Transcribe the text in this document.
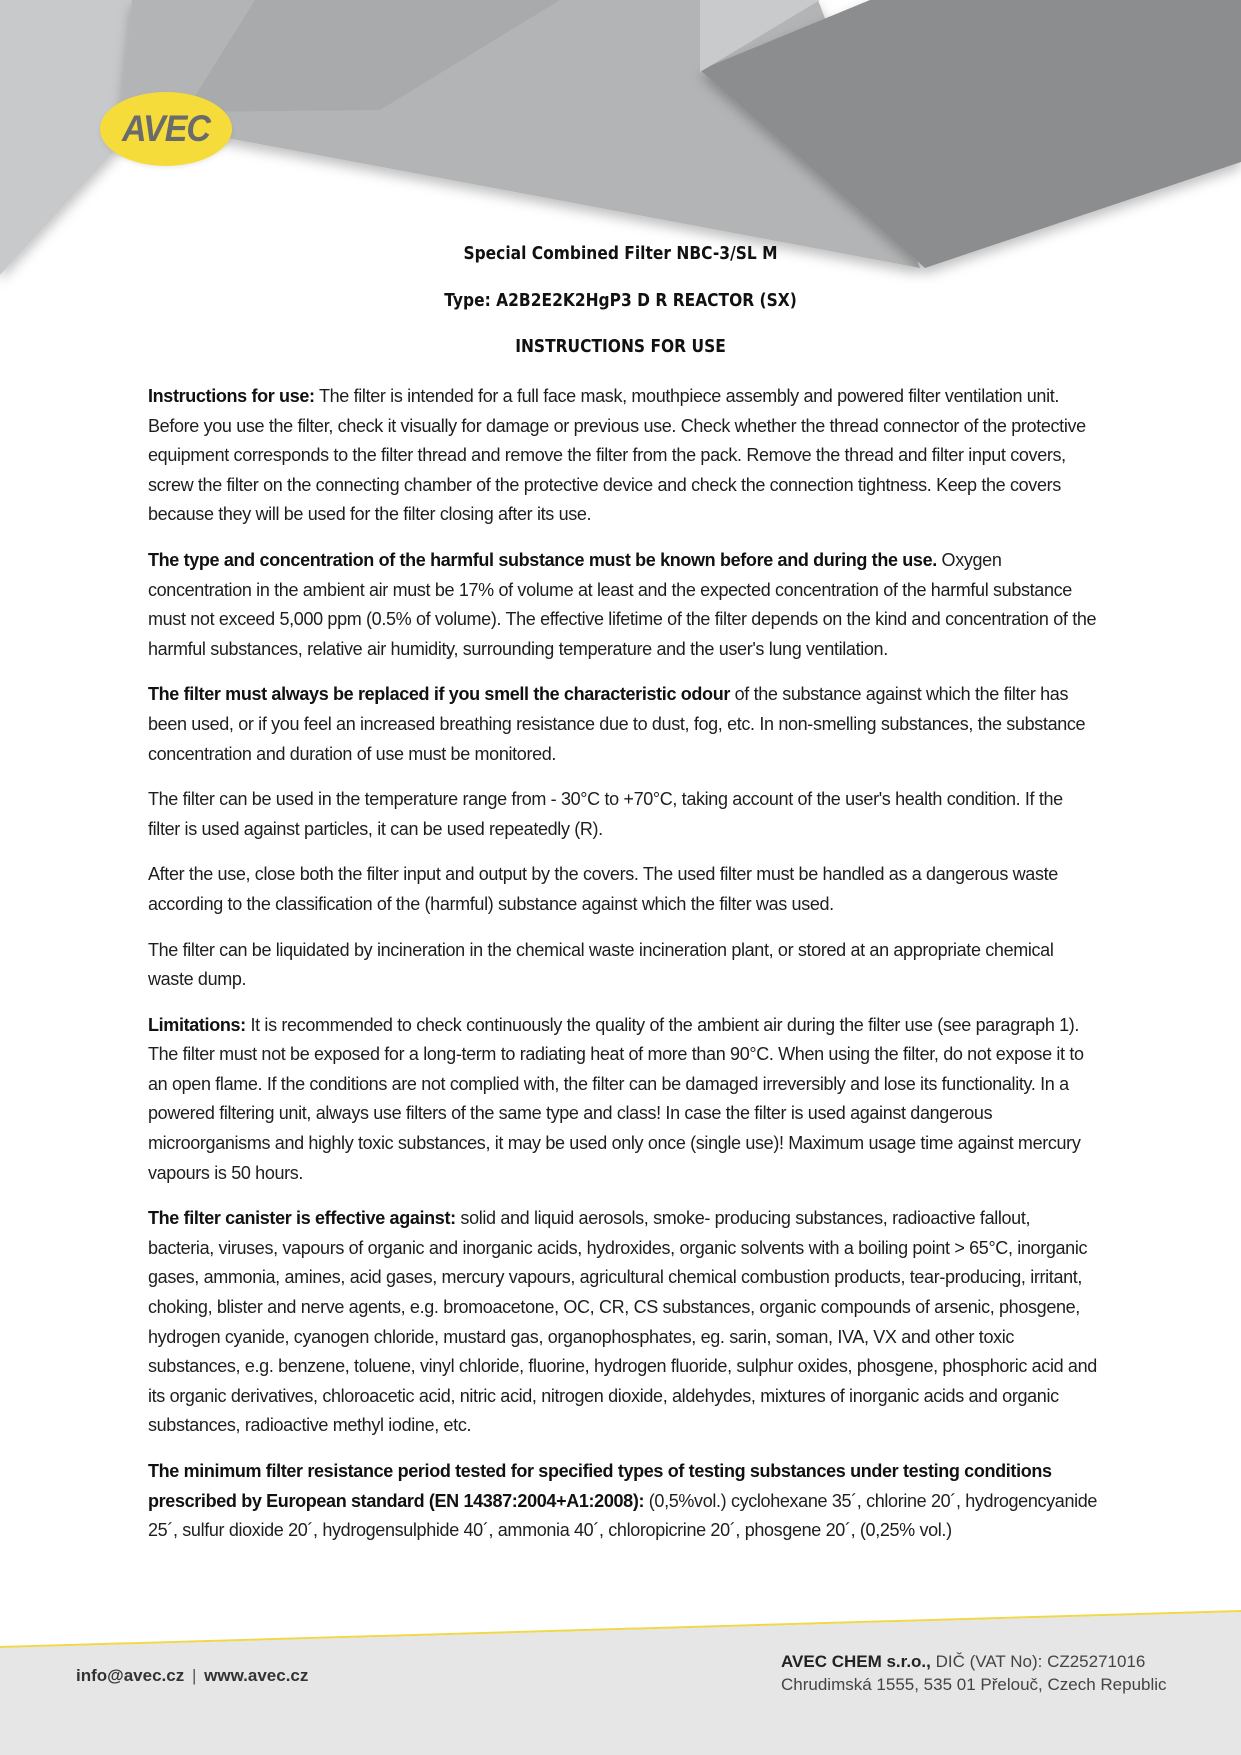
AVEC

Special Combined Filter NBC-3/SL M

Type: A2B2E2K2HgP3 D R REACTOR (SX)

INSTRUCTIONS FOR USE

Instructions for use: The filter is intended for a full face mask, mouthpiece assembly and powered filter ventilation unit. Before you use the filter, check it visually for damage or previous use. Check whether the thread connector of the protective equipment corresponds to the filter thread and remove the filter from the pack. Remove the thread and filter input covers, screw the filter on the connecting chamber of the protective device and check the connection tightness. Keep the covers because they will be used for the filter closing after its use.

The type and concentration of the harmful substance must be known before and during the use. Oxygen concentration in the ambient air must be 17% of volume at least and the expected concentration of the harmful substance must not exceed 5,000 ppm (0.5% of volume). The effective lifetime of the filter depends on the kind and concentration of the harmful substances, relative air humidity, surrounding temperature and the user's lung ventilation.

The filter must always be replaced if you smell the characteristic odour of the substance against which the filter has been used, or if you feel an increased breathing resistance due to dust, fog, etc. In non-smelling substances, the substance concentration and duration of use must be monitored.

The filter can be used in the temperature range from - 30°C to +70°C, taking account of the user's health condition. If the filter is used against particles, it can be used repeatedly (R).

After the use, close both the filter input and output by the covers. The used filter must be handled as a dangerous waste according to the classification of the (harmful) substance against which the filter was used.

The filter can be liquidated by incineration in the chemical waste incineration plant, or stored at an appropriate chemical waste dump.

Limitations: It is recommended to check continuously the quality of the ambient air during the filter use (see paragraph 1). The filter must not be exposed for a long-term to radiating heat of more than 90°C. When using the filter, do not expose it to an open flame. If the conditions are not complied with, the filter can be damaged irreversibly and lose its functionality. In a powered filtering unit, always use filters of the same type and class! In case the filter is used against dangerous microorganisms and highly toxic substances, it may be used only once (single use)! Maximum usage time against mercury vapours is 50 hours.

The filter canister is effective against: solid and liquid aerosols, smoke- producing substances, radioactive fallout, bacteria, viruses, vapours of organic and inorganic acids, hydroxides, organic solvents with a boiling point > 65°C, inorganic gases, ammonia, amines, acid gases, mercury vapours, agricultural chemical combustion products, tear-producing, irritant, choking, blister and nerve agents, e.g. bromoacetone, OC, CR, CS substances, organic compounds of arsenic, phosgene, hydrogen cyanide, cyanogen chloride, mustard gas, organophosphates, eg. sarin, soman, IVA, VX and other toxic substances, e.g. benzene, toluene, vinyl chloride, fluorine, hydrogen fluoride, sulphur oxides, phosgene, phosphoric acid and its organic derivatives, chloroacetic acid, nitric acid, nitrogen dioxide, aldehydes, mixtures of inorganic acids and organic substances, radioactive methyl iodine, etc.

The minimum filter resistance period tested for specified types of testing substances under testing conditions prescribed by European standard (EN 14387:2004+A1:2008): (0,5%vol.) cyclohexane 35´, chlorine 20´, hydrogencyanide 25´, sulfur dioxide 20´, hydrogensulphide 40´, ammonia 40´, chloropicrine 20´, phosgene 20´, (0,25% vol.)

info@avec.cz | www.avec.cz
AVEC CHEM s.r.o., DIČ (VAT No): CZ25271016
Chrudimská 1555, 535 01 Přelouč, Czech Republic
